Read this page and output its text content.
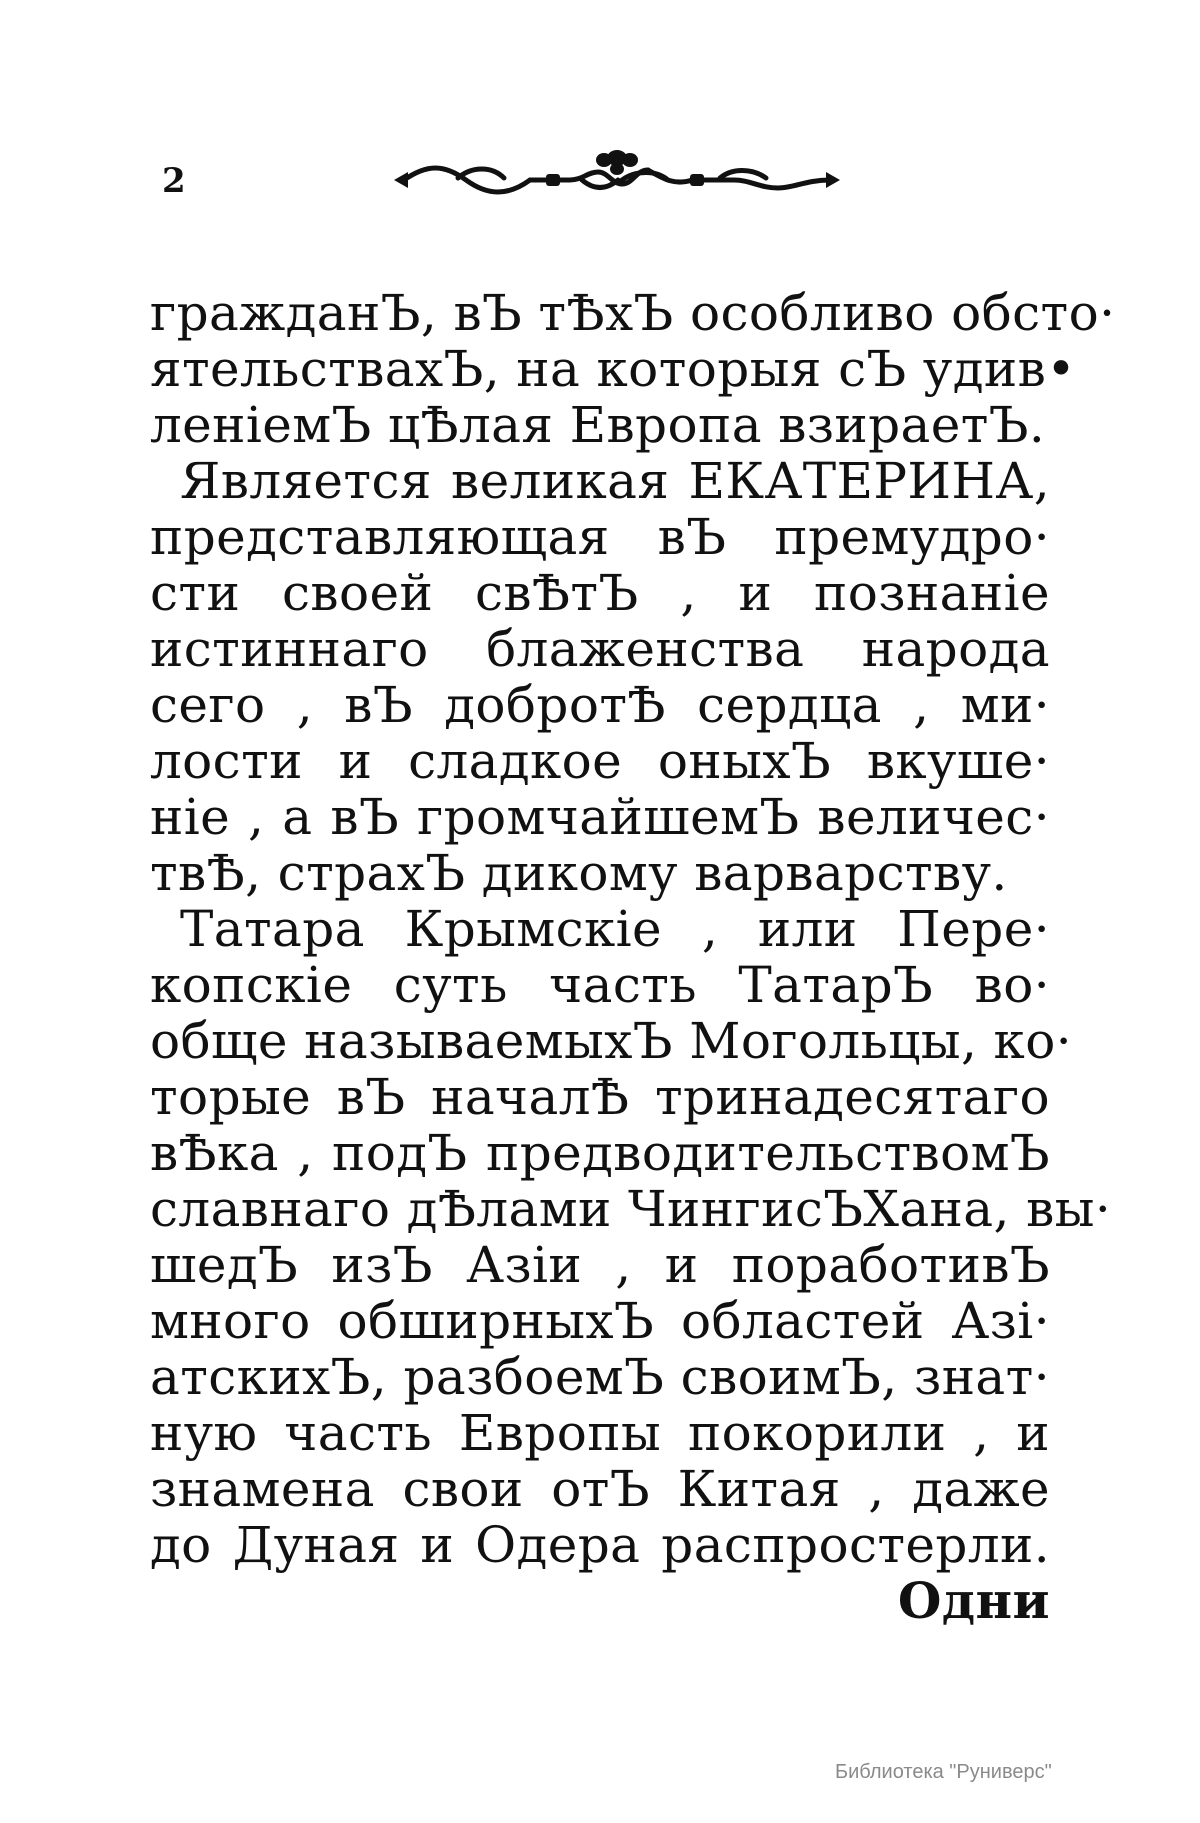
2
гражданЪ, вЪ тѢхЪ особливо обсто·
ятельствахЪ, на которыя сЪ удив•
ленiемЪ цѢлая Европа взираетЪ.
Является великая ЕКАТЕРИНА,
представляющая вЪ премудро·
сти своей свѢтЪ , и познанiе
истиннаго блаженства народа
сего , вЪ добротѢ сердца , ми·
лости и сладкое оныхЪ вкуше·
нiе , а вЪ громчайшемЪ величес·
твѢ, страхЪ дикому варварству.
Татара Крымскiе , или Пере·
копскiе суть часть ТатарЪ во·
обще называемыхЪ Могольцы, ко·
торые вЪ началѢ тринадесятаго
вѢка , подЪ предводительствомЪ
славнаго дѢлами ЧингисЪХана, вы·
шедЪ изЪ Азiи , и поработивЪ
много обширныхЪ областей Азi·
атскихЪ, разбоемЪ своимЪ, знат·
ную часть Европы покорили , и
знамена свои отЪ Китая , даже
до Дуная и Одера распростерли.
Одни
Библиотека "Руниверс"
